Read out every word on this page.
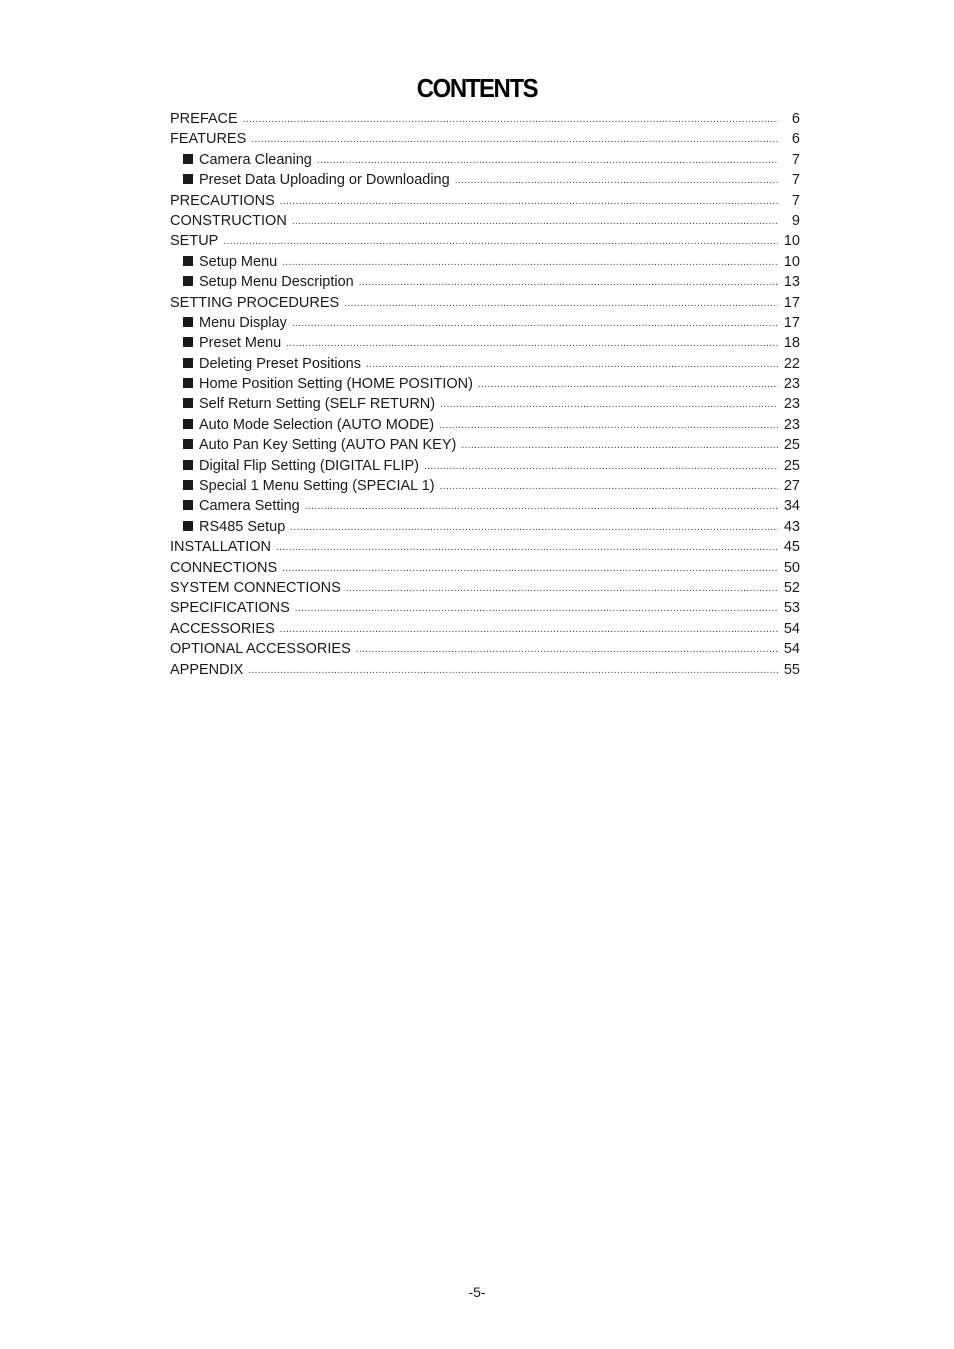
CONTENTS
PREFACE .....	6
FEATURES .....	6
Camera Cleaning .....	7
Preset Data Uploading or Downloading .....	7
PRECAUTIONS .....	7
CONSTRUCTION .....	9
SETUP .....	10
Setup Menu .....	10
Setup Menu Description .....	13
SETTING PROCEDURES .....	17
Menu Display .....	17
Preset Menu .....	18
Deleting Preset Positions .....	22
Home Position Setting (HOME POSITION) .....	23
Self Return Setting (SELF RETURN) .....	23
Auto Mode Selection (AUTO MODE) .....	23
Auto Pan Key Setting (AUTO PAN KEY) .....	25
Digital Flip Setting (DIGITAL FLIP) .....	25
Special 1 Menu Setting (SPECIAL 1) .....	27
Camera Setting .....	34
RS485 Setup .....	43
INSTALLATION .....	45
CONNECTIONS .....	50
SYSTEM CONNECTIONS .....	52
SPECIFICATIONS .....	53
ACCESSORIES .....	54
OPTIONAL ACCESSORIES .....	54
APPENDIX .....	55
-5-
